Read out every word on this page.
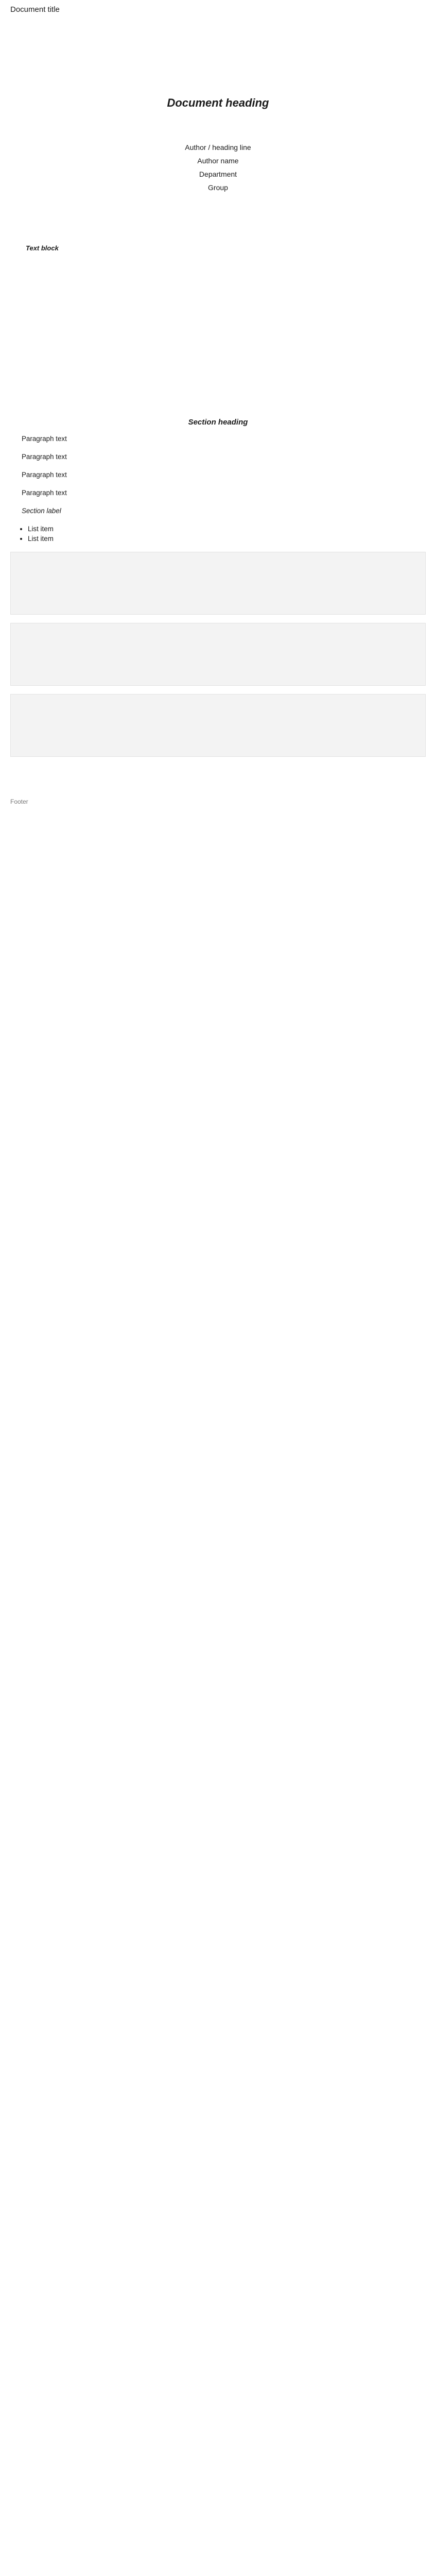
Document title
Document heading
Author / heading line
Author name
Department
Group
Text block
Section heading

Paragraph text

Paragraph text

Paragraph text

Paragraph text

Section label
• List item
• List item
Footer
